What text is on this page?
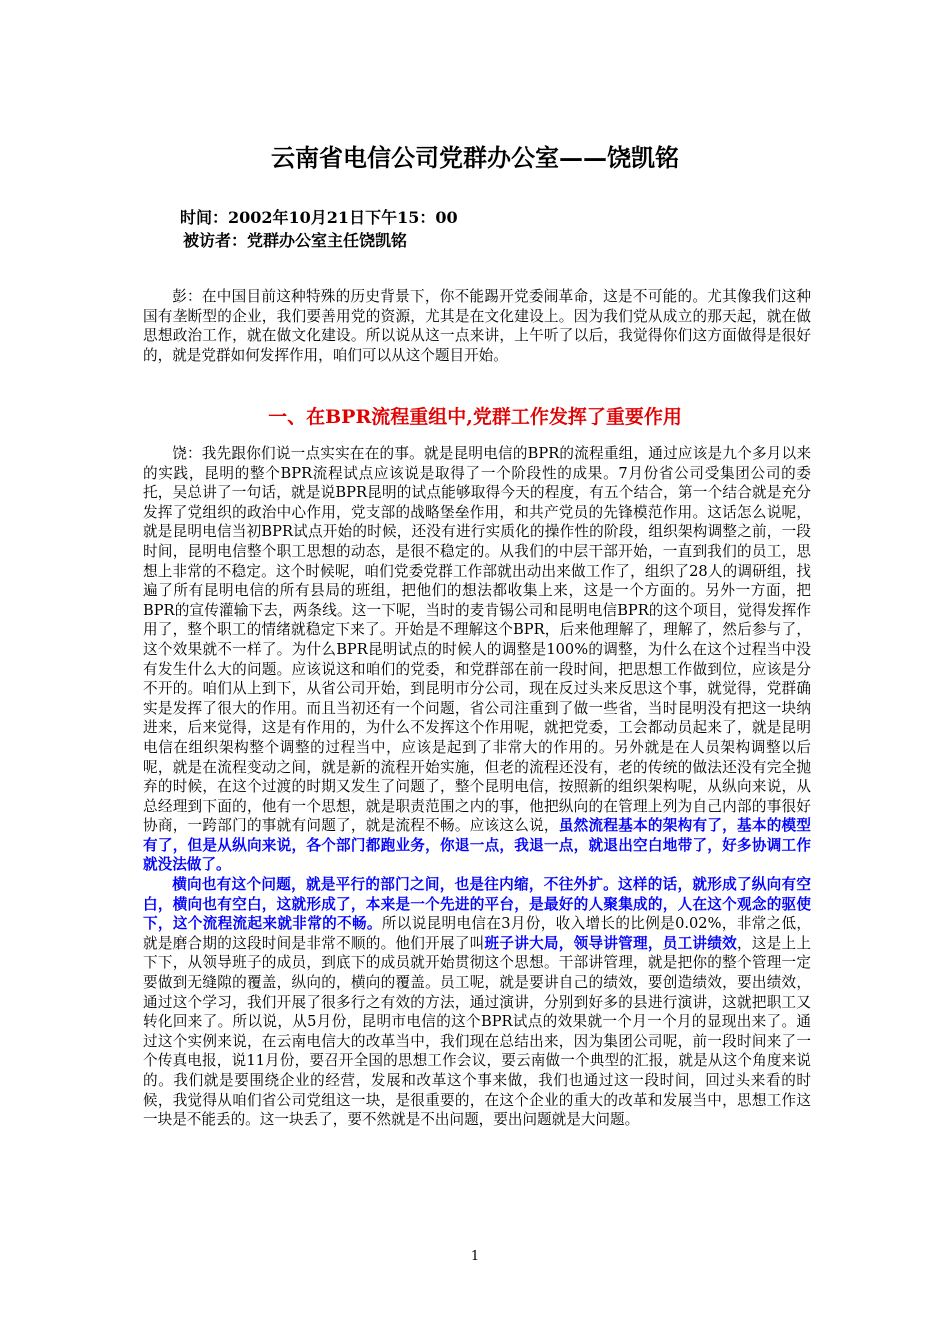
云南省电信公司党群办公室——饶凯铭
时间：2002年10月21日下午15：00
被访者：党群办公室主任饶凯铭

彭：在中国目前这种特殊的历史背景下，你不能踢开党委闹革命，这是不可能的。尤其像我们这种国有垄断型的企业，我们要善用党的资源，尤其是在文化建设上。因为我们党从成立的那天起，就在做思想政治工作，就在做文化建设。所以说从这一点来讲，上午听了以后，我觉得你们这方面做得是很好的，就是党群如何发挥作用，咱们可以从这个题目开始。

一、在BPR流程重组中,党群工作发挥了重要作用

饶：我先跟你们说一点实实在在的事。就是昆明电信的BPR的流程重组，通过应该是九个多月以来的实践，昆明的整个BPR流程试点应该说是取得了一个阶段性的成果。7月份省公司受集团公司的委托，吴总讲了一句话，就是说BPR昆明的试点能够取得今天的程度，有五个结合，第一个结合就是充分发挥了党组织的政治中心作用，党支部的战略堡垒作用，和共产党员的先锋模范作用。这话怎么说呢，就是昆明电信当初BPR试点开始的时候，还没有进行实质化的操作性的阶段，组织架构调整之前，一段时间，昆明电信整个职工思想的动态，是很不稳定的。从我们的中层干部开始，一直到我们的员工，思想上非常的不稳定。这个时候呢，咱们党委党群工作部就出动出来做工作了，组织了28人的调研组，找遍了所有昆明电信的所有县局的班组，把他们的想法都收集上来，这是一个方面的。另外一方面，把BPR的宣传灌输下去，两条线。这一下呢，当时的麦肯锡公司和昆明电信BPR的这个项目，觉得发挥作用了，整个职工的情绪就稳定下来了。开始是不理解这个BPR，后来他理解了，理解了，然后参与了，这个效果就不一样了。为什么BPR昆明试点的时候人的调整是100%的调整，为什么在这个过程当中没有发生什么大的问题。应该说这和咱们的党委，和党群部在前一段时间，把思想工作做到位，应该是分不开的。咱们从上到下，从省公司开始，到昆明市分公司，现在反过头来反思这个事，就觉得，党群确实是发挥了很大的作用。而且当初还有一个问题，省公司注重到了做一些省，当时昆明没有把这一块纳进来，后来觉得，这是有作用的，为什么不发挥这个作用呢，就把党委，工会都动员起来了，就是昆明电信在组织架构整个调整的过程当中，应该是起到了非常大的作用的。另外就是在人员架构调整以后呢，就是在流程变动之间，就是新的流程开始实施，但老的流程还没有，老的传统的做法还没有完全抛弃的时候，在这个过渡的时期又发生了问题了，整个昆明电信，按照新的组织架构呢，从纵向来说，从总经理到下面的，他有一个思想，就是职责范围之内的事，他把纵向的在管理上列为自己内部的事很好协商，一跨部门的事就有问题了，就是流程不畅。应该这么说，虽然流程基本的架构有了，基本的模型有了，但是从纵向来说，各个部门都跑业务，你退一点，我退一点，就退出空白地带了，好多协调工作就没法做了。

横向也有这个问题，就是平行的部门之间，也是往内缩，不往外扩。这样的话，就形成了纵向有空白，横向也有空白，这就形成了，本来是一个先进的平台，是最好的人聚集成的，人在这个观念的驱使下，这个流程流起来就非常的不畅。所以说昆明电信在3月份，收入增长的比例是0.02%，非常之低，就是磨合期的这段时间是非常不顺的。他们开展了叫班子讲大局，领导讲管理，员工讲绩效，这是上上下下，从领导班子的成员，到底下的成员就开始贯彻这个思想。干部讲管理，就是把你的整个管理一定要做到无缝隙的覆盖，纵向的，横向的覆盖。员工呢，就是要讲自己的绩效，要创造绩效，要出绩效，通过这个学习，我们开展了很多行之有效的方法，通过演讲，分别到好多的县进行演讲，这就把职工又转化回来了。所以说，从5月份，昆明市电信的这个BPR试点的效果就一个月一个月的显现出来了。通过这个实例来说，在云南电信大的改革当中，我们现在总结出来，因为集团公司呢，前一段时间来了一个传真电报，说11月份，要召开全国的思想工作会议，要云南做一个典型的汇报，就是从这个角度来说的。我们就是要围绕企业的经营，发展和改革这个事来做，我们也通过这一段时间，回过头来看的时候，我觉得从咱们省公司党组这一块，是很重要的，在这个企业的重大的改革和发展当中，思想工作这一块是不能丢的。这一块丢了，要不然就是不出问题，要出问题就是大问题。

1
